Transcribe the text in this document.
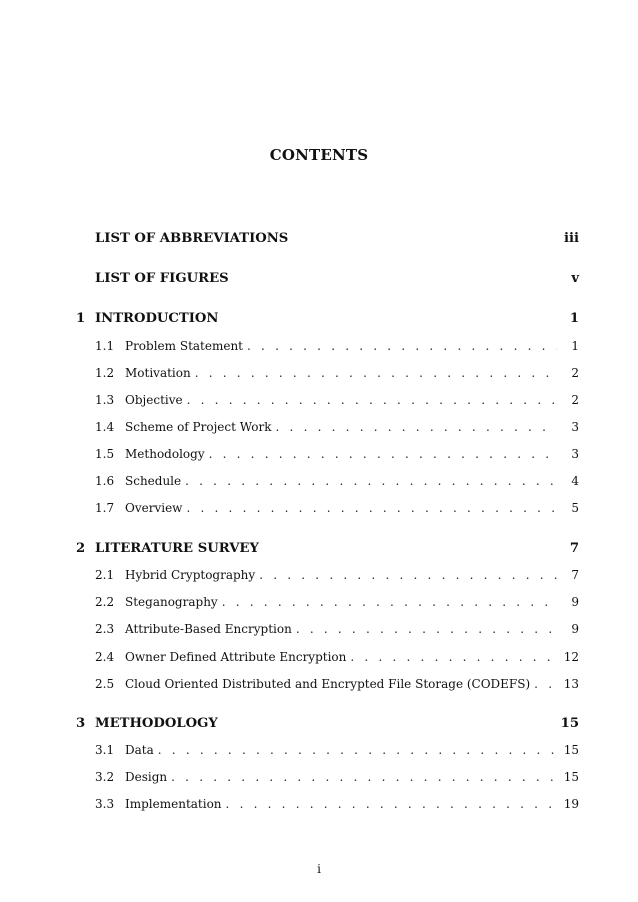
CONTENTS
LIST OF ABBREVIATIONS	iii
LIST OF FIGURES	v
1 INTRODUCTION	1
1.1 Problem Statement . . .	1
1.2 Motivation . . .	2
1.3 Objective . . .	2
1.4 Scheme of Project Work . . .	3
1.5 Methodology . . .	3
1.6 Schedule . . .	4
1.7 Overview . . .	5
2 LITERATURE SURVEY	7
2.1 Hybrid Cryptography . . .	7
2.2 Steganography . . .	9
2.3 Attribute-Based Encryption . . .	9
2.4 Owner Defined Attribute Encryption . . .	12
2.5 Cloud Oriented Distributed and Encrypted File Storage (CODEFS) . . .	13
3 METHODOLOGY	15
3.1 Data . . .	15
3.2 Design . . .	15
3.3 Implementation . . .	19
i
